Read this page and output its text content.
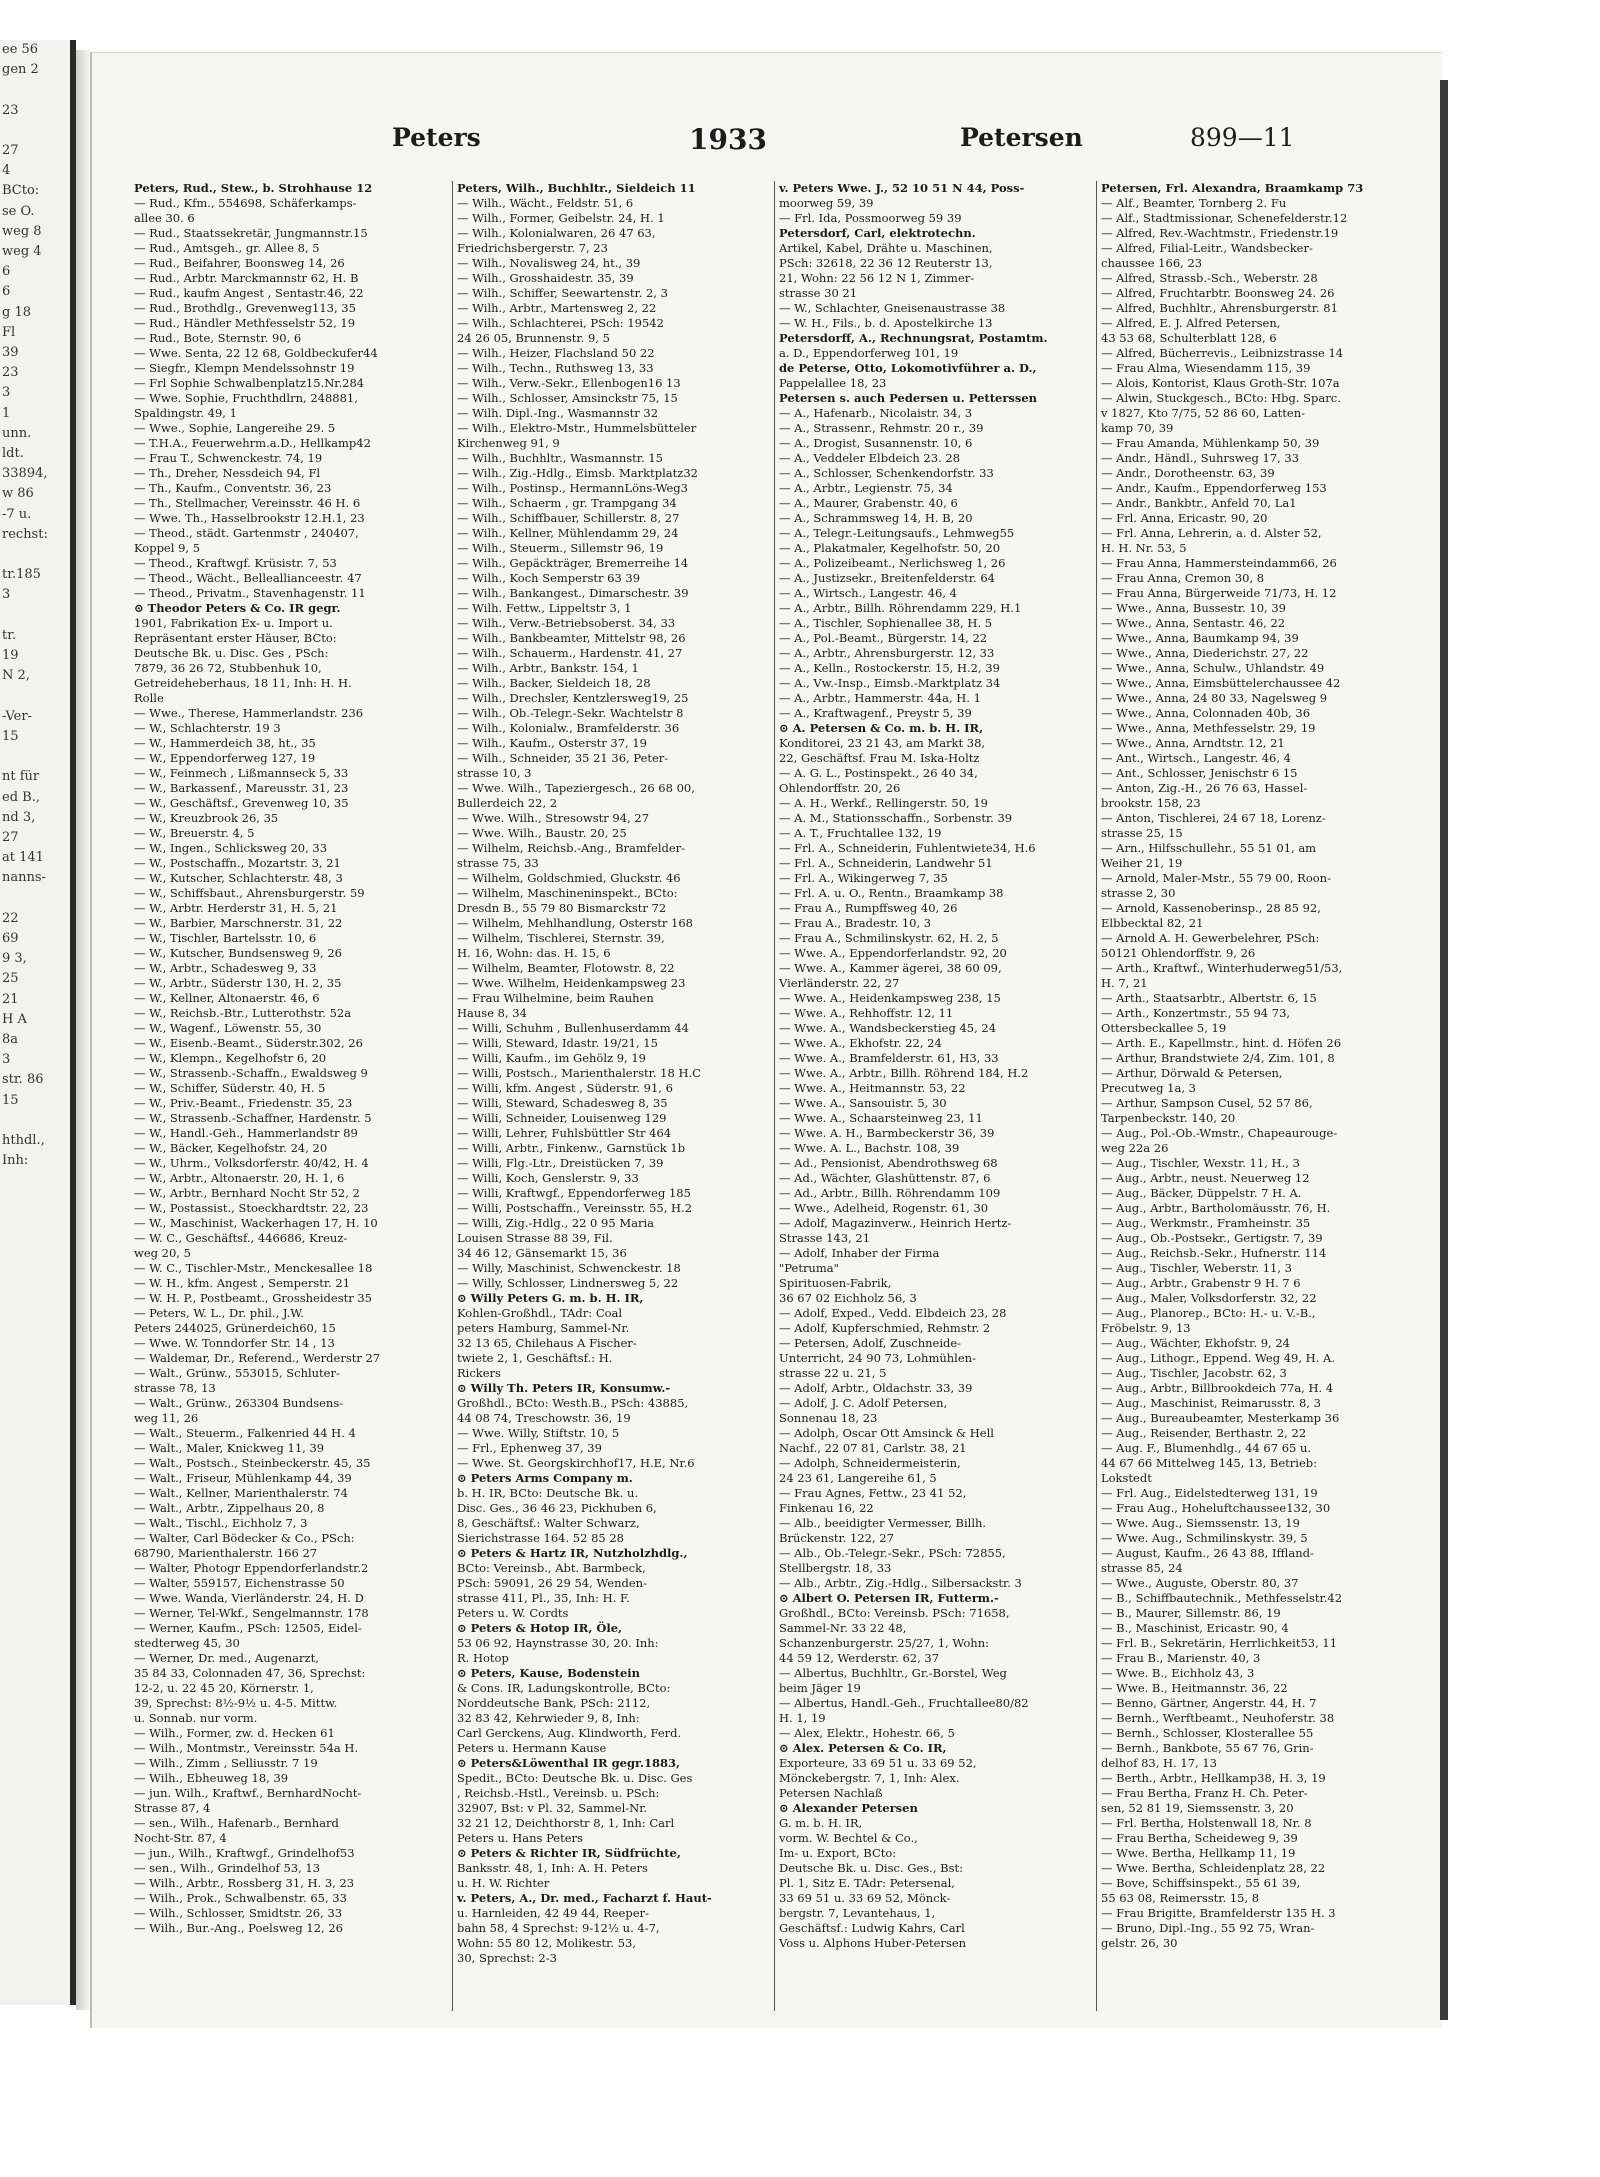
ee 56
gen 2

23

27
4
BCto:
se O.
weg 8
weg 4
6
6
g 18
Fl
39
23
3
1
unn.
ldt.
33894,
w 86
-7 u.
rechst:

tr.185
3

tr.
19
N 2,

-Ver-
15

nt für
ed B.,
nd 3,
27
at 141
nanns-

22
69
9 3,
25
21
H A
8a
3
str. 86
15

hthdl.,
Inh:
Peters	1933	Petersen	899—11
Peters, Rud., Stew., b. Strohhause 12
— Rud., Kfm., 554698, Schäferkamps-
allee 30. 6
— Rud., Staatssekretär, Jungmannstr.15
— Rud., Amtsgeh., gr. Allee 8, 5
— Rud., Beifahrer, Boonsweg 14, 26
— Rud., Arbtr. Marckmannstr 62, H. B
— Rud., kaufm Angest , Sentastr.46, 22
— Rud., Brothdlg., Grevenweg113, 35
— Rud., Händler Methfesselstr 52, 19
— Rud., Bote, Sternstr. 90, 6
— Wwe. Senta, 22 12 68, Goldbeckufer44
— Siegfr., Klempn Mendelssohnstr 19
— Frl Sophie Schwalbenplatz15.Nr.284
— Wwe. Sophie, Fruchthdlrn, 248881,
Spaldingstr. 49, 1
— Wwe., Sophie, Langereihe 29. 5
— T.H.A., Feuerwehrm.a.D., Hellkamp42
— Frau T., Schwenckestr. 74, 19
— Th., Dreher, Nessdeich 94, Fl
— Th., Kaufm., Conventstr. 36, 23
— Th., Stellmacher, Vereinsstr. 46 H. 6
— Wwe. Th., Hasselbrookstr 12.H.1, 23
— Theod., städt. Gartenmstr , 240407,
Koppel 9, 5
— Theod., Kraftwgf. Krüsistr. 7, 53
— Theod., Wächt., Belleallianceestr. 47
— Theod., Privatm., Stavenhagenstr. 11
⊙ Theodor Peters & Co. IR gegr.
1901, Fabrikation Ex- u. Import u.
Repräsentant erster Häuser, BCto:
Deutsche Bk. u. Disc. Ges , PSch:
7879, 36 26 72, Stubbenhuk 10,
Getreideheberhaus, 18 11, Inh: H. H.
Rolle
— Wwe., Therese, Hammerlandstr. 236
— W., Schlachterstr. 19 3
— W., Hammerdeich 38, ht., 35
— W., Eppendorferweg 127, 19
— W., Feinmech , Lißmannseck 5, 33
— W., Barkassenf., Mareusstr. 31, 23
— W., Geschäftsf., Grevenweg 10, 35
— W., Kreuzbrook 26, 35
— W., Breuerstr. 4, 5
— W., Ingen., Schlicksweg 20, 33
— W., Postschaffn., Mozartstr. 3, 21
— W., Kutscher, Schlachterstr. 48, 3
— W., Schiffsbaut., Ahrensburgerstr. 59
— W., Arbtr. Herderstr 31, H. 5, 21
— W., Barbier, Marschnerstr. 31, 22
— W., Tischler, Bartelsstr. 10, 6
— W., Kutscher, Bundsensweg 9, 26
— W., Arbtr., Schadesweg 9, 33
— W., Arbtr., Süderstr 130, H. 2, 35
— W., Kellner, Altonaerstr. 46, 6
— W., Reichsb.-Btr., Lutterothstr. 52a
— W., Wagenf., Löwenstr. 55, 30
— W., Eisenb.-Beamt., Süderstr.302, 26
— W., Klempn., Kegelhofstr 6, 20
— W., Strassenb.-Schaffn., Ewaldsweg 9
— W., Schiffer, Süderstr. 40, H. 5
— W., Priv.-Beamt., Friedenstr. 35, 23
— W., Strassenb.-Schaffner, Hardenstr. 5
— W., Handl.-Geh., Hammerlandstr 89
— W., Bäcker, Kegelhofstr. 24, 20
— W., Uhrm., Volksdorferstr. 40/42, H. 4
— W., Arbtr., Altonaerstr. 20, H. 1, 6
— W., Arbtr., Bernhard Nocht Str 52, 2
— W., Postassist., Stoeckhardtstr. 22, 23
— W., Maschinist, Wackerhagen 17, H. 10
— W. C., Geschäftsf., 446686, Kreuz-
weg 20, 5
— W. C., Tischler-Mstr., Menckesallee 18
— W. H., kfm. Angest , Semperstr. 21
— W. H. P., Postbeamt., Grossheidestr 35
— Peters, W. L., Dr. phil., J.W.
Peters 244025, Grünerdeich60, 15
— Wwe. W. Tonndorfer Str. 14 , 13
— Waldemar, Dr., Referend., Werderstr 27
— Walt., Grünw., 553015, Schluter-
strasse 78, 13
— Walt., Grünw., 263304 Bundsens-
weg 11, 26
— Walt., Steuerm., Falkenried 44 H. 4
— Walt., Maler, Knickweg 11, 39
— Walt., Postsch., Steinbeckerstr. 45, 35
— Walt., Friseur, Mühlenkamp 44, 39
— Walt., Kellner, Marienthalerstr. 74
— Walt., Arbtr., Zippelhaus 20, 8
— Walt., Tischl., Eichholz 7, 3
— Walter, Carl Bödecker & Co., PSch:
68790, Marienthalerstr. 166 27
— Walter, Photogr Eppendorferlandstr.2
— Walter, 559157, Eichenstrasse 50
— Wwe. Wanda, Vierländerstr. 24, H. D
— Werner, Tel-Wkf., Sengelmannstr. 178
— Werner, Kaufm., PSch: 12505, Eidel-
stedterweg 45, 30
— Werner, Dr. med., Augenarzt,
35 84 33, Colonnaden 47, 36, Sprechst:
12-2, u. 22 45 20, Körnerstr. 1,
39, Sprechst: 8½-9½ u. 4-5. Mittw.
u. Sonnab. nur vorm.
— Wilh., Former, zw. d. Hecken 61
— Wilh., Montmstr., Vereinsstr. 54a H.
— Wilh., Zimm , Selliusstr. 7 19
— Wilh., Ebheuweg 18, 39
— jun. Wilh., Kraftwf., BernhardNocht-
Strasse 87, 4
— sen., Wilh., Hafenarb., Bernhard
Nocht-Str. 87, 4
— jun., Wilh., Kraftwgf., Grindelhof53
— sen., Wilh., Grindelhof 53, 13
— Wilh., Arbtr., Rossberg 31, H. 3, 23
— Wilh., Prok., Schwalbenstr. 65, 33
— Wilh., Schlosser, Smidtstr. 26, 33
— Wilh., Bur.-Ang., Poelsweg 12, 26
Peters, Wilh., Buchhltr., Sieldeich 11
— Wilh., Wächt., Feldstr. 51, 6
— Wilh., Former, Geibelstr. 24, H. 1
— Wilh., Kolonialwaren, 26 47 63,
Friedrichsbergerstr. 7, 23
— Wilh., Novalisweg 24, ht., 39
— Wilh., Grosshaidestr. 35, 39
— Wilh., Schiffer, Seewartenstr. 2, 3
— Wilh., Arbtr., Martensweg 2, 22
— Wilh., Schlachterei, PSch: 19542
24 26 05, Brunnenstr. 9, 5
— Wilh., Heizer, Flachsland 50 22
— Wilh., Techn., Ruthsweg 13, 33
— Wilh., Verw.-Sekr., Ellenbogen16 13
— Wilh., Schlosser, Amsinckstr 75, 15
— Wilh. Dipl.-Ing., Wasmannstr 32
— Wilh., Elektro-Mstr., Hummelsbütteler
Kirchenweg 91, 9
— Wilh., Buchhltr., Wasmannstr. 15
— Wilh., Zig.-Hdlg., Eimsb. Marktplatz32
— Wilh., Postinsp., HermannLöns-Weg3
— Wilh., Schaerm , gr. Trampgang 34
— Wilh., Schiffbauer, Schillerstr. 8, 27
— Wilh., Kellner, Mühlendamm 29, 24
— Wilh., Steuerm., Sillemstr 96, 19
— Wilh., Gepäckträger, Bremerreihe 14
— Wilh., Koch Semperstr 63 39
— Wilh., Bankangest., Dimarschestr. 39
— Wilh. Fettw., Lippeltstr 3, 1
— Wilh., Verw.-Betriebsoberst. 34, 33
— Wilh., Bankbeamter, Mittelstr 98, 26
— Wilh., Schauerm., Hardenstr. 41, 27
— Wilh., Arbtr., Bankstr. 154, 1
— Wilh., Backer, Sieldeich 18, 28
— Wilh., Drechsler, Kentzlersweg19, 25
— Wilh., Ob.-Telegr.-Sekr. Wachtelstr 8
— Wilh., Kolonialw., Bramfelderstr. 36
— Wilh., Kaufm., Osterstr 37, 19
— Wilh., Schneider, 35 21 36, Peter-
strasse 10, 3
— Wwe. Wilh., Tapeziergesch., 26 68 00,
Bullerdeich 22, 2
— Wwe. Wilh., Stresowstr 94, 27
— Wwe. Wilh., Baustr. 20, 25
— Wilhelm, Reichsb.-Ang., Bramfelder-
strasse 75, 33
— Wilhelm, Goldschmied, Gluckstr. 46
— Wilhelm, Maschineninspekt., BCto:
Dresdn B., 55 79 80 Bismarckstr 72
— Wilhelm, Mehlhandlung, Osterstr 168
— Wilhelm, Tischlerei, Sternstr. 39,
H. 16, Wohn: das. H. 15, 6
— Wilhelm, Beamter, Flotowstr. 8, 22
— Wwe. Wilhelm, Heidenkampsweg 23
— Frau Wilhelmine, beim Rauhen
Hause 8, 34
— Willi, Schuhm , Bullenhuserdamm 44
— Willi, Steward, Idastr. 19/21, 15
— Willi, Kaufm., im Gehölz 9, 19
— Willi, Postsch., Marienthalerstr. 18 H.C
— Willi, kfm. Angest , Süderstr. 91, 6
— Willi, Steward, Schadesweg 8, 35
— Willi, Schneider, Louisenweg 129
— Willi, Lehrer, Fuhlsbüttler Str 464
— Willi, Arbtr., Finkenw., Garnstück 1b
— Willi, Flg.-Ltr., Dreistücken 7, 39
— Willi, Koch, Genslerstr. 9, 33
— Willi, Kraftwgf., Eppendorferweg 185
— Willi, Postschaffn., Vereinsstr. 55, H.2
— Willi, Zig.-Hdlg., 22 0 95 Maria
Louisen Strasse 88 39, Fil.
34 46 12, Gänsemarkt 15, 36
— Willy, Maschinist, Schwenckestr. 18
— Willy, Schlosser, Lindnersweg 5, 22
⊙ Willy Peters G. m. b. H. IR,
Kohlen-Großhdl., TAdr: Coal
peters Hamburg, Sammel-Nr.
32 13 65, Chilehaus A Fischer-
twiete 2, 1, Geschäftsf.: H.
Rickers
⊙ Willy Th. Peters IR, Konsumw.-
Großhdl., BCto: Westh.B., PSch: 43885,
44 08 74, Treschowstr. 36, 19
— Wwe. Willy, Stiftstr. 10, 5
— Frl., Ephenweg 37, 39
— Wwe. St. Georgskirchhof17, H.E, Nr.6
⊙ Peters Arms Company m.
b. H. IR, BCto: Deutsche Bk. u.
Disc. Ges., 36 46 23, Pickhuben 6,
8, Geschäftsf.: Walter Schwarz,
Sierichstrasse 164. 52 85 28
⊙ Peters & Hartz IR, Nutzholzhdlg.,
BCto: Vereinsb., Abt. Barmbeck,
PSch: 59091, 26 29 54, Wenden-
strasse 411, Pl., 35, Inh: H. F.
Peters u. W. Cordts
⊙ Peters & Hotop IR, Öle,
53 06 92, Haynstrasse 30, 20. Inh:
R. Hotop
⊙ Peters, Kause, Bodenstein
& Cons. IR, Ladungskontrolle, BCto:
Norddeutsche Bank, PSch: 2112,
32 83 42, Kehrwieder 9, 8, Inh:
Carl Gerckens, Aug. Klindworth, Ferd.
Peters u. Hermann Kause
⊙ Peters&Löwenthal IR gegr.1883,
Spedit., BCto: Deutsche Bk. u. Disc. Ges
, Reichsb.-Hstl., Vereinsb. u. PSch:
32907, Bst: v Pl. 32, Sammel-Nr.
32 21 12, Deichthorstr 8, 1, Inh: Carl
Peters u. Hans Peters
⊙ Peters & Richter IR, Südfrüchte,
Banksstr. 48, 1, Inh: A. H. Peters
u. H. W. Richter
v. Peters, A., Dr. med., Facharzt f. Haut-
u. Harnleiden, 42 49 44, Reeper-
bahn 58, 4 Sprechst: 9-12½ u. 4-7,
Wohn: 55 80 12, Molikestr. 53,
30, Sprechst: 2-3
v. Peters Wwe. J., 52 10 51 N 44, Poss-
moorweg 59, 39
— Frl. Ida, Possmoorweg 59 39
Petersdorf, Carl, elektrotechn.
Artikel, Kabel, Drähte u. Maschinen,
PSch: 32618, 22 36 12 Reuterstr 13,
21, Wohn: 22 56 12 N 1, Zimmer-
strasse 30 21
— W., Schlachter, Gneisenaustrasse 38
— W. H., Fils., b. d. Apostelkirche 13
Petersdorff, A., Rechnungsrat, Postamtm.
a. D., Eppendorferweg 101, 19
de Peterse, Otto, Lokomotivführer a. D.,
Pappelallee 18, 23
Petersen s. auch Pedersen u. Petterssen
— A., Hafenarb., Nicolaistr. 34, 3
— A., Strassenr., Rehmstr. 20 r., 39
— A., Drogist, Susannenstr. 10, 6
— A., Veddeler Elbdeich 23. 28
— A., Schlosser, Schenkendorfstr. 33
— A., Arbtr., Legienstr. 75, 34
— A., Maurer, Grabenstr. 40, 6
— A., Schrammsweg 14, H. B, 20
— A., Telegr.-Leitungsaufs., Lehmweg55
— A., Plakatmaler, Kegelhofstr. 50, 20
— A., Polizeibeamt., Nerlichsweg 1, 26
— A., Justizsekr., Breitenfelderstr. 64
— A., Wirtsch., Langestr. 46, 4
— A., Arbtr., Billh. Röhrendamm 229, H.1
— A., Tischler, Sophienallee 38, H. 5
— A., Pol.-Beamt., Bürgerstr. 14, 22
— A., Arbtr., Ahrensburgerstr. 12, 33
— A., Kelln., Rostockerstr. 15, H.2, 39
— A., Vw.-Insp., Eimsb.-Marktplatz 34
— A., Arbtr., Hammerstr. 44a, H. 1
— A., Kraftwagenf., Preystr 5, 39
⊙ A. Petersen & Co. m. b. H. IR,
Konditorei, 23 21 43, am Markt 38,
22, Geschäftsf. Frau M. Iska-Holtz
— A. G. L., Postinspekt., 26 40 34,
Ohlendorffstr. 20, 26
— A. H., Werkf., Rellingerstr. 50, 19
— A. M., Stationsschaffn., Sorbenstr. 39
— A. T., Fruchtallee 132, 19
— Frl. A., Schneiderin, Fuhlentwiete34, H.6
— Frl. A., Schneiderin, Landwehr 51
— Frl. A., Wikingerweg 7, 35
— Frl. A. u. O., Rentn., Braamkamp 38
— Frau A., Rumpffsweg 40, 26
— Frau A., Bradestr. 10, 3
— Frau A., Schmilinskystr. 62, H. 2, 5
— Wwe. A., Eppendorferlandstr. 92, 20
— Wwe. A., Kammer ägerei, 38 60 09,
Vierländerstr. 22, 27
— Wwe. A., Heidenkampsweg 238, 15
— Wwe. A., Rehhoffstr. 12, 11
— Wwe. A., Wandsbeckerstieg 45, 24
— Wwe. A., Ekhofstr. 22, 24
— Wwe. A., Bramfelderstr. 61, H3, 33
— Wwe. A., Arbtr., Billh. Röhrend 184, H.2
— Wwe. A., Heitmannstr. 53, 22
— Wwe. A., Sansouistr. 5, 30
— Wwe. A., Schaarsteinweg 23, 11
— Wwe. A. H., Barmbeckerstr 36, 39
— Wwe. A. L., Bachstr. 108, 39
— Ad., Pensionist, Abendrothsweg 68
— Ad., Wächter, Glashüttenstr. 87, 6
— Ad., Arbtr., Billh. Röhrendamm 109
— Wwe., Adelheid, Rogenstr. 61, 30
— Adolf, Magazinverw., Heinrich Hertz-
Strasse 143, 21
— Adolf, Inhaber der Firma
"Petruma"
Spirituosen-Fabrik,
36 67 02 Eichholz 56, 3
— Adolf, Exped., Vedd. Elbdeich 23, 28
— Adolf, Kupferschmied, Rehmstr. 2
— Petersen, Adolf, Zuschneide-
Unterricht, 24 90 73, Lohmühlen-
strasse 22 u. 21, 5
— Adolf, Arbtr., Oldachstr. 33, 39
— Adolf, J. C. Adolf Petersen,
Sonnenau 18, 23
— Adolph, Oscar Ott Amsinck & Hell
Nachf., 22 07 81, Carlstr. 38, 21
— Adolph, Schneidermeisterin,
24 23 61, Langereihe 61, 5
— Frau Agnes, Fettw., 23 41 52,
Finkenau 16, 22
— Alb., beeidigter Vermesser, Billh.
Brückenstr. 122, 27
— Alb., Ob.-Telegr.-Sekr., PSch: 72855,
Stellbergstr. 18, 33
— Alb., Arbtr., Zig.-Hdlg., Silbersackstr. 3
⊙ Albert O. Petersen IR, Futterm.-
Großhdl., BCto: Vereinsb. PSch: 71658,
Sammel-Nr. 33 22 48,
Schanzenburgerstr. 25/27, 1, Wohn:
44 59 12, Werderstr. 62, 37
— Albertus, Buchhltr., Gr.-Borstel, Weg
beim Jäger 19
— Albertus, Handl.-Geh., Fruchtallee80/82
H. 1, 19
— Alex, Elektr., Hohestr. 66, 5
⊙ Alex. Petersen & Co. IR,
Exporteure, 33 69 51 u. 33 69 52,
Mönckebergstr. 7, 1, Inh: Alex.
Petersen Nachlaß
⊙ Alexander Petersen
G. m. b. H. IR,
vorm. W. Bechtel & Co.,
Im- u. Export, BCto:
Deutsche Bk. u. Disc. Ges., Bst:
Pl. 1, Sitz E. TAdr: Petersenal,
33 69 51 u. 33 69 52, Mönck-
bergstr. 7, Levantehaus, 1,
Geschäftsf.: Ludwig Kahrs, Carl
Voss u. Alphons Huber-Petersen
Petersen, Frl. Alexandra, Braamkamp 73
— Alf., Beamter, Tornberg 2. Fu
— Alf., Stadtmissionar, Schenefelderstr.12
— Alfred, Rev.-Wachtmstr., Friedenstr.19
— Alfred, Filial-Leitr., Wandsbecker-
chaussee 166, 23
— Alfred, Strassb.-Sch., Weberstr. 28
— Alfred, Fruchtarbtr. Boonsweg 24. 26
— Alfred, Buchhltr., Ahrensburgerstr. 81
— Alfred, E. J. Alfred Petersen,
43 53 68, Schulterblatt 128, 6
— Alfred, Bücherrevis., Leibnizstrasse 14
— Frau Alma, Wiesendamm 115, 39
— Alois, Kontorist, Klaus Groth-Str. 107a
— Alwin, Stuckgesch., BCto: Hbg. Sparc.
v 1827, Kto 7/75, 52 86 60, Latten-
kamp 70, 39
— Frau Amanda, Mühlenkamp 50, 39
— Andr., Händl., Suhrsweg 17, 33
— Andr., Dorotheenstr. 63, 39
— Andr., Kaufm., Eppendorferweg 153
— Andr., Bankbtr., Anfeld 70, La1
— Frl. Anna, Ericastr. 90, 20
— Frl. Anna, Lehrerin, a. d. Alster 52,
H. H. Nr. 53, 5
— Frau Anna, Hammersteindamm66, 26
— Frau Anna, Cremon 30, 8
— Frau Anna, Bürgerweide 71/73, H. 12
— Wwe., Anna, Bussestr. 10, 39
— Wwe., Anna, Sentastr. 46, 22
— Wwe., Anna, Baumkamp 94, 39
— Wwe., Anna, Diederichstr. 27, 22
— Wwe., Anna, Schulw., Uhlandstr. 49
— Wwe., Anna, Eimsbüttelerchaussee 42
— Wwe., Anna, 24 80 33, Nagelsweg 9
— Wwe., Anna, Colonnaden 40b, 36
— Wwe., Anna, Methfesselstr. 29, 19
— Wwe., Anna, Arndtstr. 12, 21
— Ant., Wirtsch., Langestr. 46, 4
— Ant., Schlosser, Jenischstr 6 15
— Anton, Zig.-H., 26 76 63, Hassel-
brookstr. 158, 23
— Anton, Tischlerei, 24 67 18, Lorenz-
strasse 25, 15
— Arn., Hilfsschullehr., 55 51 01, am
Weiher 21, 19
— Arnold, Maler-Mstr., 55 79 00, Roon-
strasse 2, 30
— Arnold, Kassenoberinsp., 28 85 92,
Elbbecktal 82, 21
— Arnold A. H. Gewerbelehrer, PSch:
50121 Ohlendorffstr. 9, 26
— Arth., Kraftwf., Winterhuderweg51/53,
H. 7, 21
— Arth., Staatsarbtr., Albertstr. 6, 15
— Arth., Konzertmstr., 55 94 73,
Ottersbeckallee 5, 19
— Arth. E., Kapellmstr., hint. d. Höfen 26
— Arthur, Brandstwiete 2/4, Zim. 101, 8
— Arthur, Dörwald & Petersen,
Precutweg 1a, 3
— Arthur, Sampson Cusel, 52 57 86,
Tarpenbeckstr. 140, 20
— Aug., Pol.-Ob.-Wmstr., Chapeaurouge-
weg 22a 26
— Aug., Tischler, Wexstr. 11, H., 3
— Aug., Arbtr., neust. Neuerweg 12
— Aug., Bäcker, Düppelstr. 7 H. A.
— Aug., Arbtr., Bartholomäusstr. 76, H.
— Aug., Werkmstr., Framheinstr. 35
— Aug., Ob.-Postsekr., Gertigstr. 7, 39
— Aug., Reichsb.-Sekr., Hufnerstr. 114
— Aug., Tischler, Weberstr. 11, 3
— Aug., Arbtr., Grabenstr 9 H. 7 6
— Aug., Maler, Volksdorferstr. 32, 22
— Aug., Planorep., BCto: H.- u. V.-B.,
Fröbelstr. 9, 13
— Aug., Wächter, Ekhofstr. 9, 24
— Aug., Lithogr., Eppend. Weg 49, H. A.
— Aug., Tischler, Jacobstr. 62, 3
— Aug., Arbtr., Billbrookdeich 77a, H. 4
— Aug., Maschinist, Reimarusstr. 8, 3
— Aug., Bureaubeamter, Mesterkamp 36
— Aug., Reisender, Berthastr. 2, 22
— Aug. F., Blumenhdlg., 44 67 65 u.
44 67 66 Mittelweg 145, 13, Betrieb:
Lokstedt
— Frl. Aug., Eidelstedterweg 131, 19
— Frau Aug., Hoheluftchaussee132, 30
— Wwe. Aug., Siemssenstr. 13, 19
— Wwe. Aug., Schmilinskystr. 39, 5
— August, Kaufm., 26 43 88, Iffland-
strasse 85, 24
— Wwe., Auguste, Oberstr. 80, 37
— B., Schiffbautechnik., Methfesselstr.42
— B., Maurer, Sillemstr. 86, 19
— B., Maschinist, Ericastr. 90, 4
— Frl. B., Sekretärin, Herrlichkeit53, 11
— Frau B., Marienstr. 40, 3
— Wwe. B., Eichholz 43, 3
— Wwe. B., Heitmannstr. 36, 22
— Benno, Gärtner, Angerstr. 44, H. 7
— Bernh., Werftbeamt., Neuhoferstr. 38
— Bernh., Schlosser, Klosterallee 55
— Bernh., Bankbote, 55 67 76, Grin-
delhof 83, H. 17, 13
— Berth., Arbtr., Hellkamp38, H. 3, 19
— Frau Bertha, Franz H. Ch. Peter-
sen, 52 81 19, Siemssenstr. 3, 20
— Frl. Bertha, Holstenwall 18, Nr. 8
— Frau Bertha, Scheideweg 9, 39
— Wwe. Bertha, Hellkamp 11, 19
— Wwe. Bertha, Schleidenplatz 28, 22
— Bove, Schiffsinspekt., 55 61 39,
55 63 08, Reimersstr. 15, 8
— Frau Brigitte, Bramfelderstr 135 H. 3
— Bruno, Dipl.-Ing., 55 92 75, Wran-
gelstr. 26, 30
